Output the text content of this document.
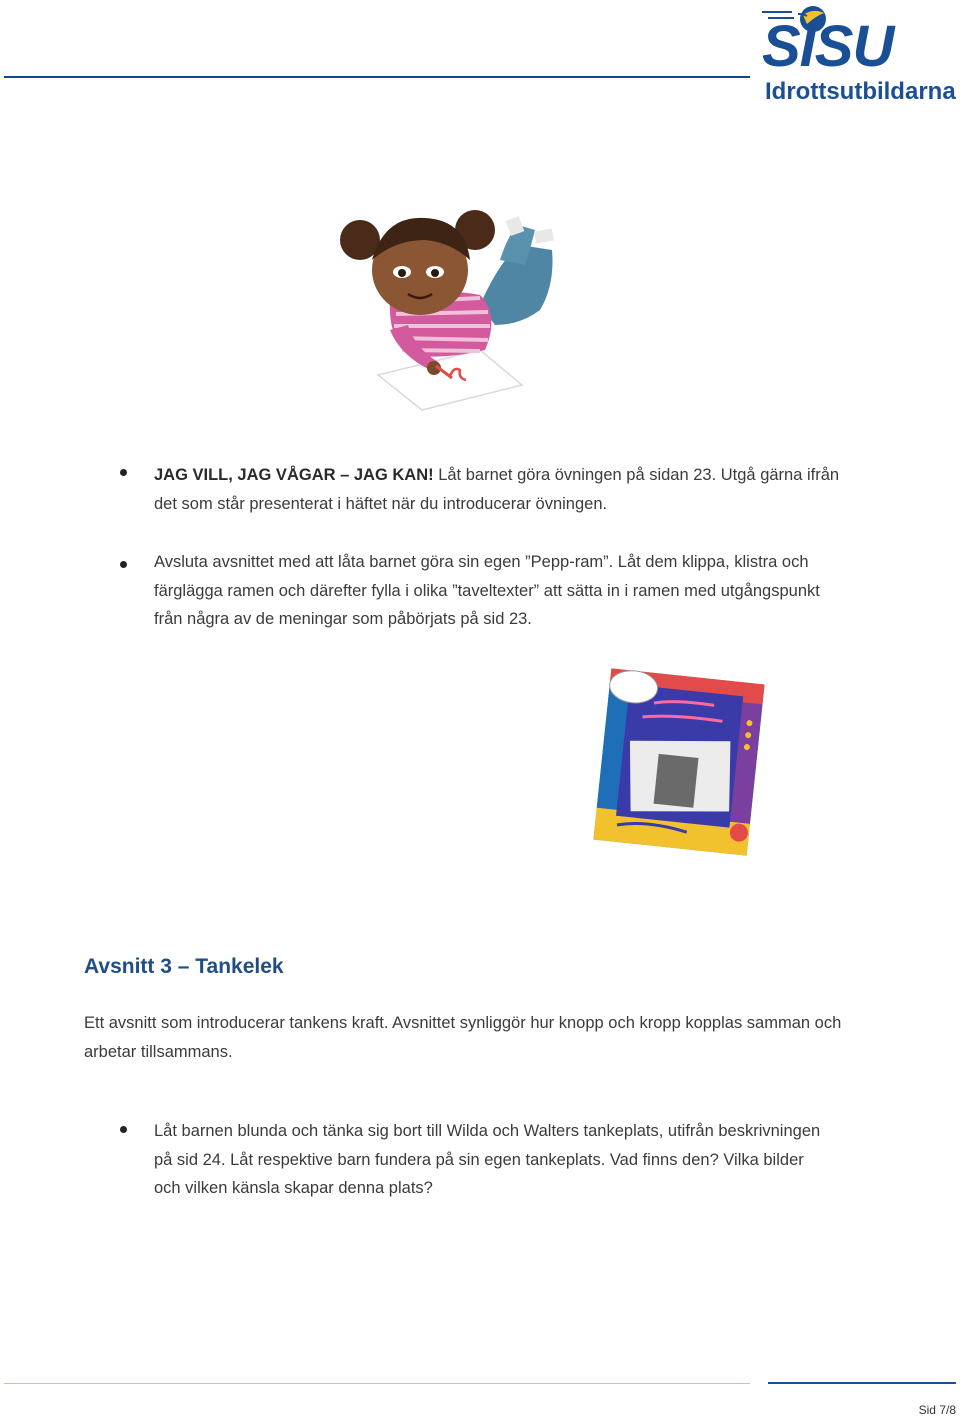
SISU
Idrottsutbildarna
JAG VILL, JAG VÅGAR – JAG KAN! Låt barnet göra övningen på sidan 23. Utgå gärna ifrån det som står presenterat i häftet när du introducerar övningen.
Avsluta avsnittet med att låta barnet göra sin egen ”Pepp-ram”. Låt dem klippa, klistra och färglägga ramen och därefter fylla i olika ”taveltexter” att sätta in i ramen med utgångspunkt från några av de meningar som påbörjats på sid 23.
Avsnitt 3 – Tankelek
Ett avsnitt som introducerar tankens kraft. Avsnittet synliggör hur knopp och kropp kopplas samman och arbetar tillsammans.
Låt barnen blunda och tänka sig bort till Wilda och Walters tankeplats, utifrån beskrivningen på sid 24. Låt respektive barn fundera på sin egen tankeplats. Vad finns den? Vilka bilder och vilken känsla skapar denna plats?
Sid 7/8
